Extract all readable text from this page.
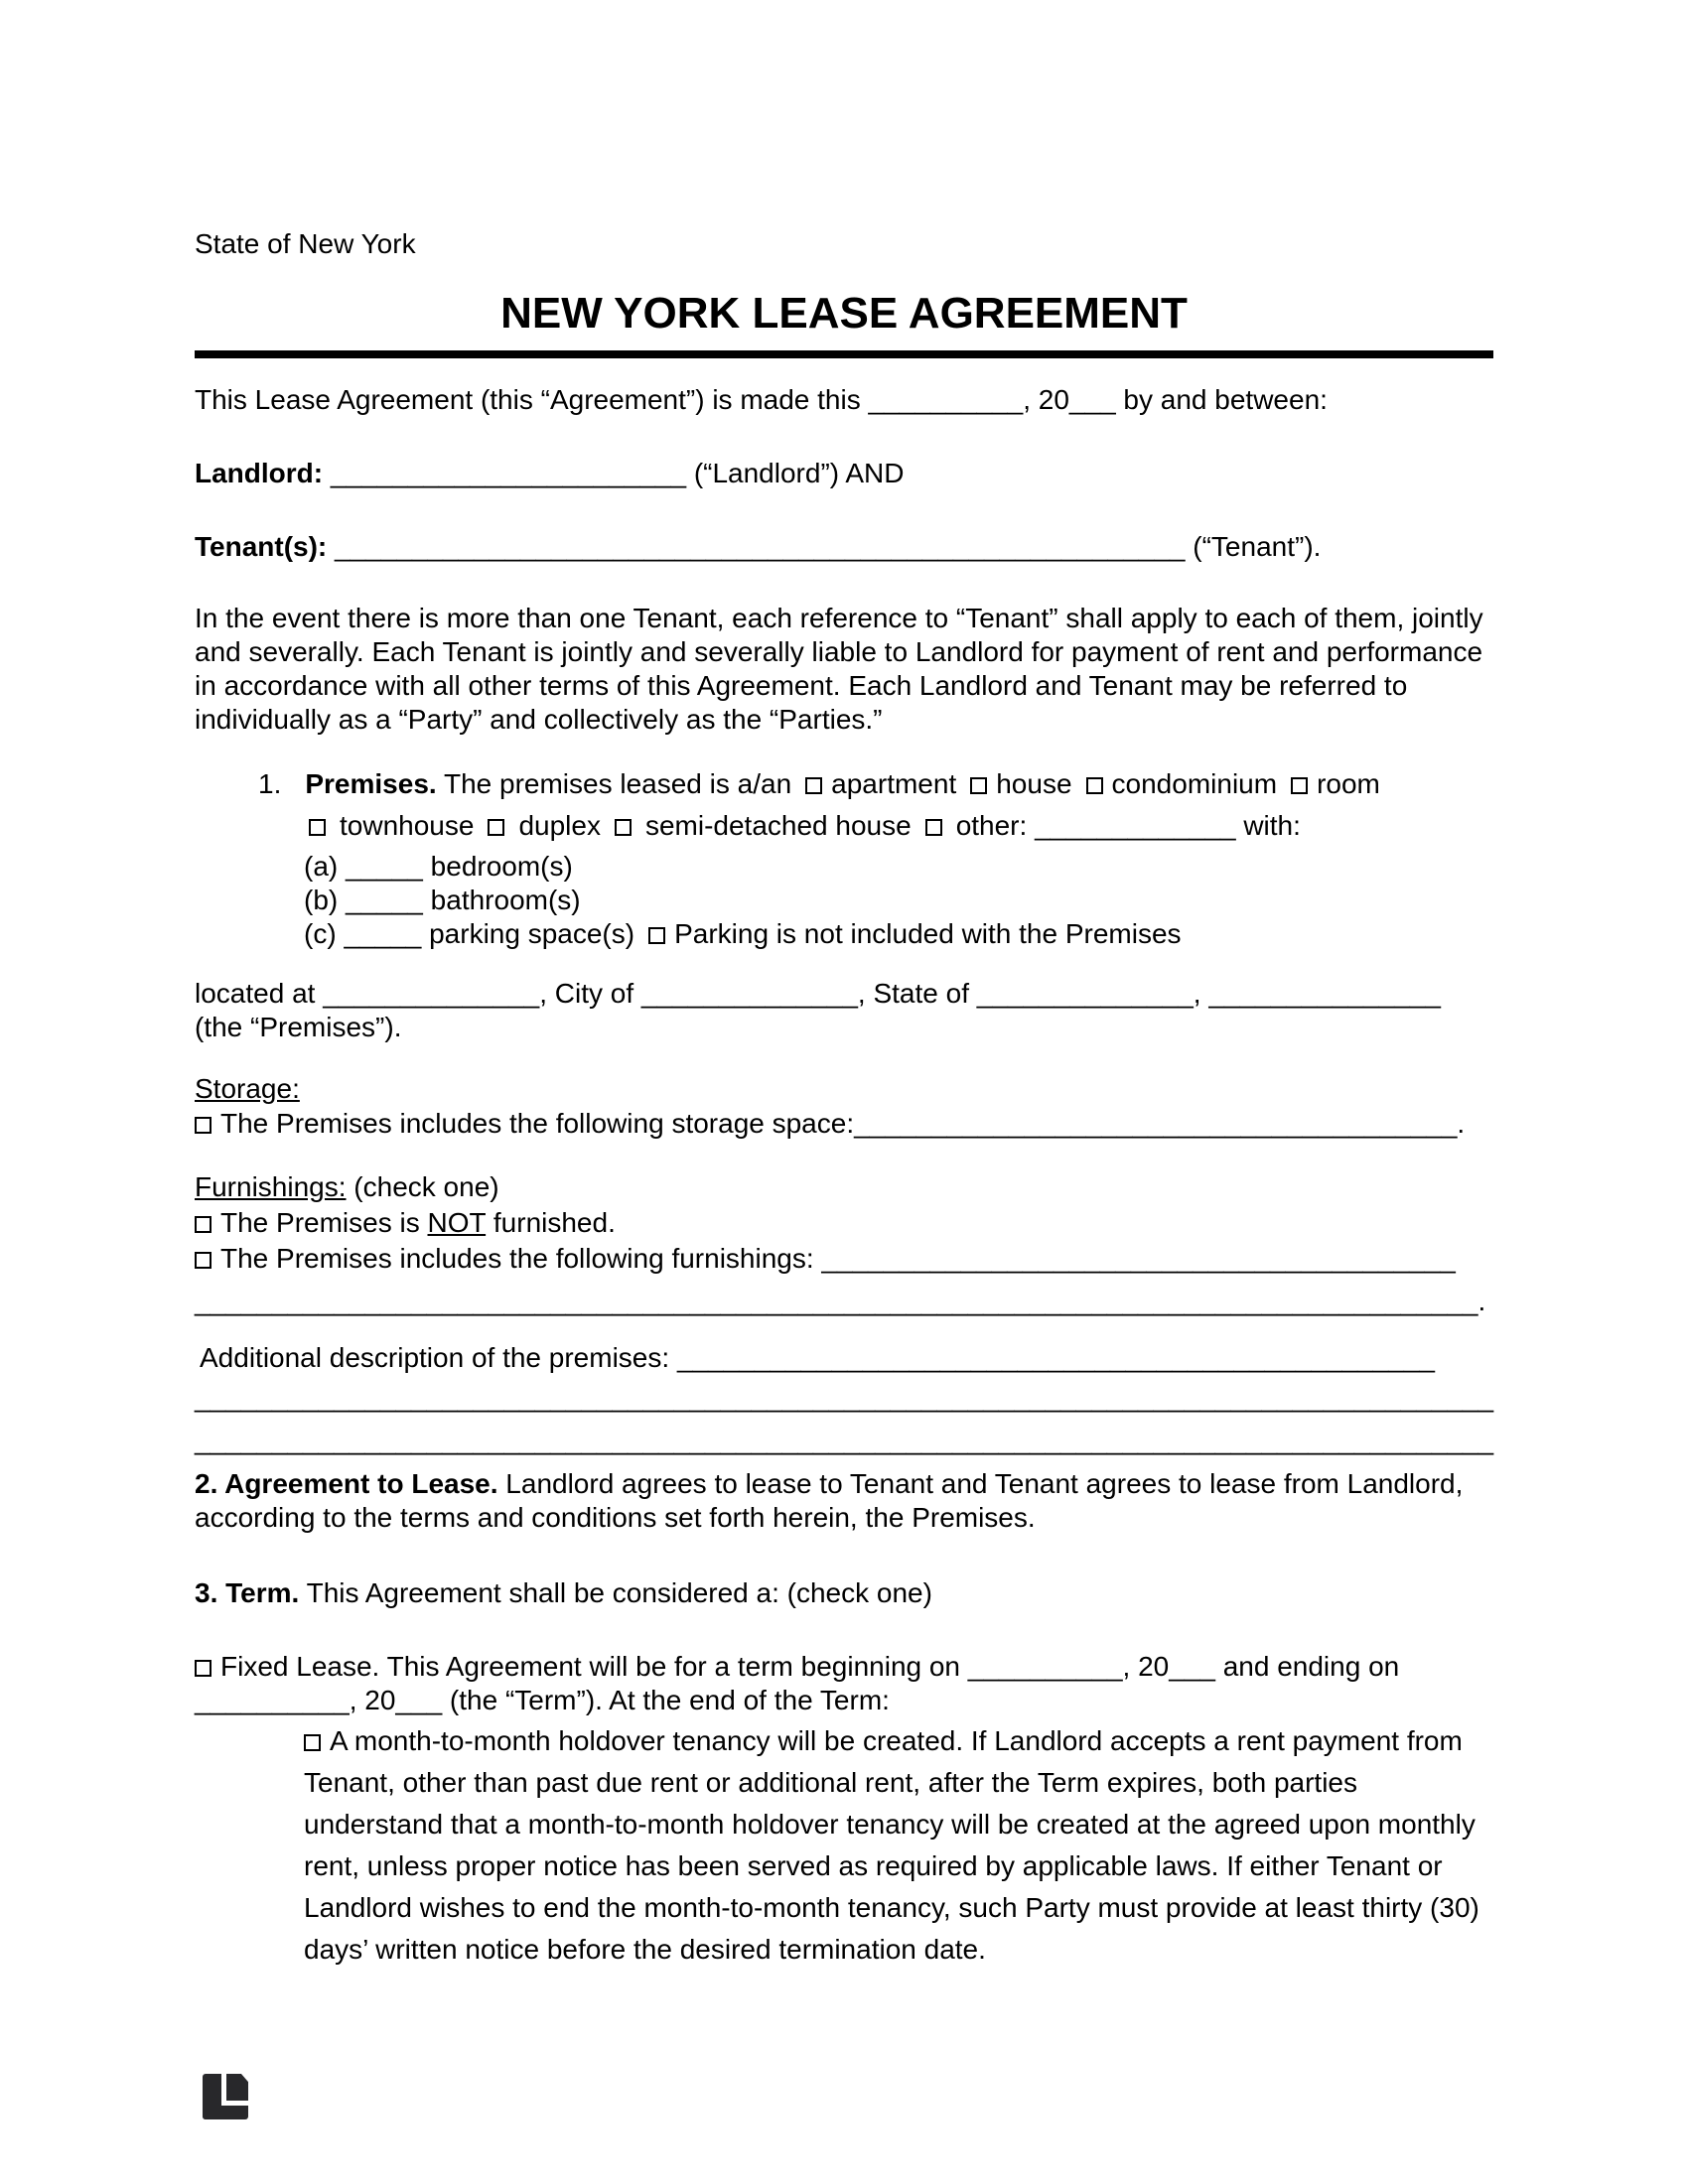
State of New York
NEW YORK LEASE AGREEMENT

This Lease Agreement (this “Agreement”) is made this __________, 20___ by and between:

Landlord: _______________________ (“Landlord”) AND

Tenant(s): _______________________________________________________ (“Tenant”).

In the event there is more than one Tenant, each reference to “Tenant” shall apply to each of them, jointly and severally. Each Tenant is jointly and severally liable to Landlord for payment of rent and performance in accordance with all other terms of this Agreement. Each Landlord and Tenant may be referred to individually as a “Party” and collectively as the “Parties.”

1. Premises. The premises leased is a/an apartment house condominium room
townhouse duplex semi-detached house other: _____________ with:
(a) _____ bedroom(s)
(b) _____ bathroom(s)
(c) _____ parking space(s) Parking is not included with the Premises
located at ______________, City of ______________, State of ______________, _______________
(the “Premises”).
Storage:
The Premises includes the following storage space:_______________________________________.
Furnishings: (check one)
The Premises is NOT furnished.
The Premises includes the following furnishings: _________________________________________
___________________________________________________________________________________.
Additional description of the premises: _________________________________________________
____________________________________________________________________________________
____________________________________________________________________________________

2. Agreement to Lease. Landlord agrees to lease to Tenant and Tenant agrees to lease from Landlord, according to the terms and conditions set forth herein, the Premises.

3. Term. This Agreement shall be considered a: (check one)

Fixed Lease. This Agreement will be for a term beginning on __________, 20___ and ending on __________, 20___ (the “Term”). At the end of the Term:
A month-to-month holdover tenancy will be created. If Landlord accepts a rent payment from Tenant, other than past due rent or additional rent, after the Term expires, both parties understand that a month-to-month holdover tenancy will be created at the agreed upon monthly rent, unless proper notice has been served as required by applicable laws. If either Tenant or Landlord wishes to end the month-to-month tenancy, such Party must provide at least thirty (30) days’ written notice before the desired termination date.
